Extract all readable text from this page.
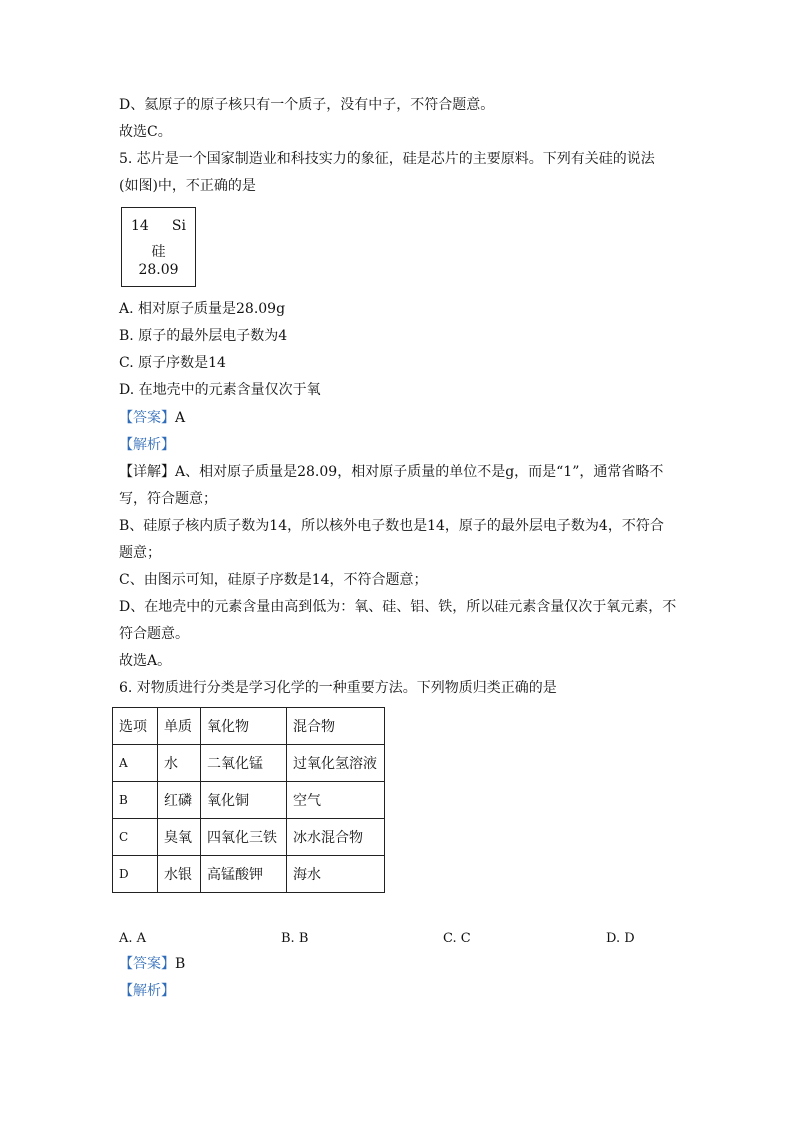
D、氦原子的原子核只有一个质子，没有中子，不符合题意。
故选C。
5. 芯片是一个国家制造业和科技实力的象征，硅是芯片的主要原料。下列有关硅的说法
(如图)中，不正确的是
14 Si
硅
28.09
A. 相对原子质量是28.09g
B. 原子的最外层电子数为4
C. 原子序数是14
D. 在地壳中的元素含量仅次于氧
【答案】A
【解析】
【详解】A、相对原子质量是28.09，相对原子质量的单位不是g，而是“1”，通常省略不
写，符合题意；
B、硅原子核内质子数为14，所以核外电子数也是14，原子的最外层电子数为4，不符合
题意；
C、由图示可知，硅原子序数是14，不符合题意；
D、在地壳中的元素含量由高到低为：氧、硅、铝、铁，所以硅元素含量仅次于氧元素，不
符合题意。
故选A。
6. 对物质进行分类是学习化学的一种重要方法。下列物质归类正确的是
选项	单质	氧化物	混合物
A	水	二氧化锰	过氧化氢溶液
B	红磷	氧化铜	空气
C	臭氧	四氧化三铁	冰水混合物
D	水银	高锰酸钾	海水
A. A	B. B	C. C	D. D
【答案】B
【解析】
